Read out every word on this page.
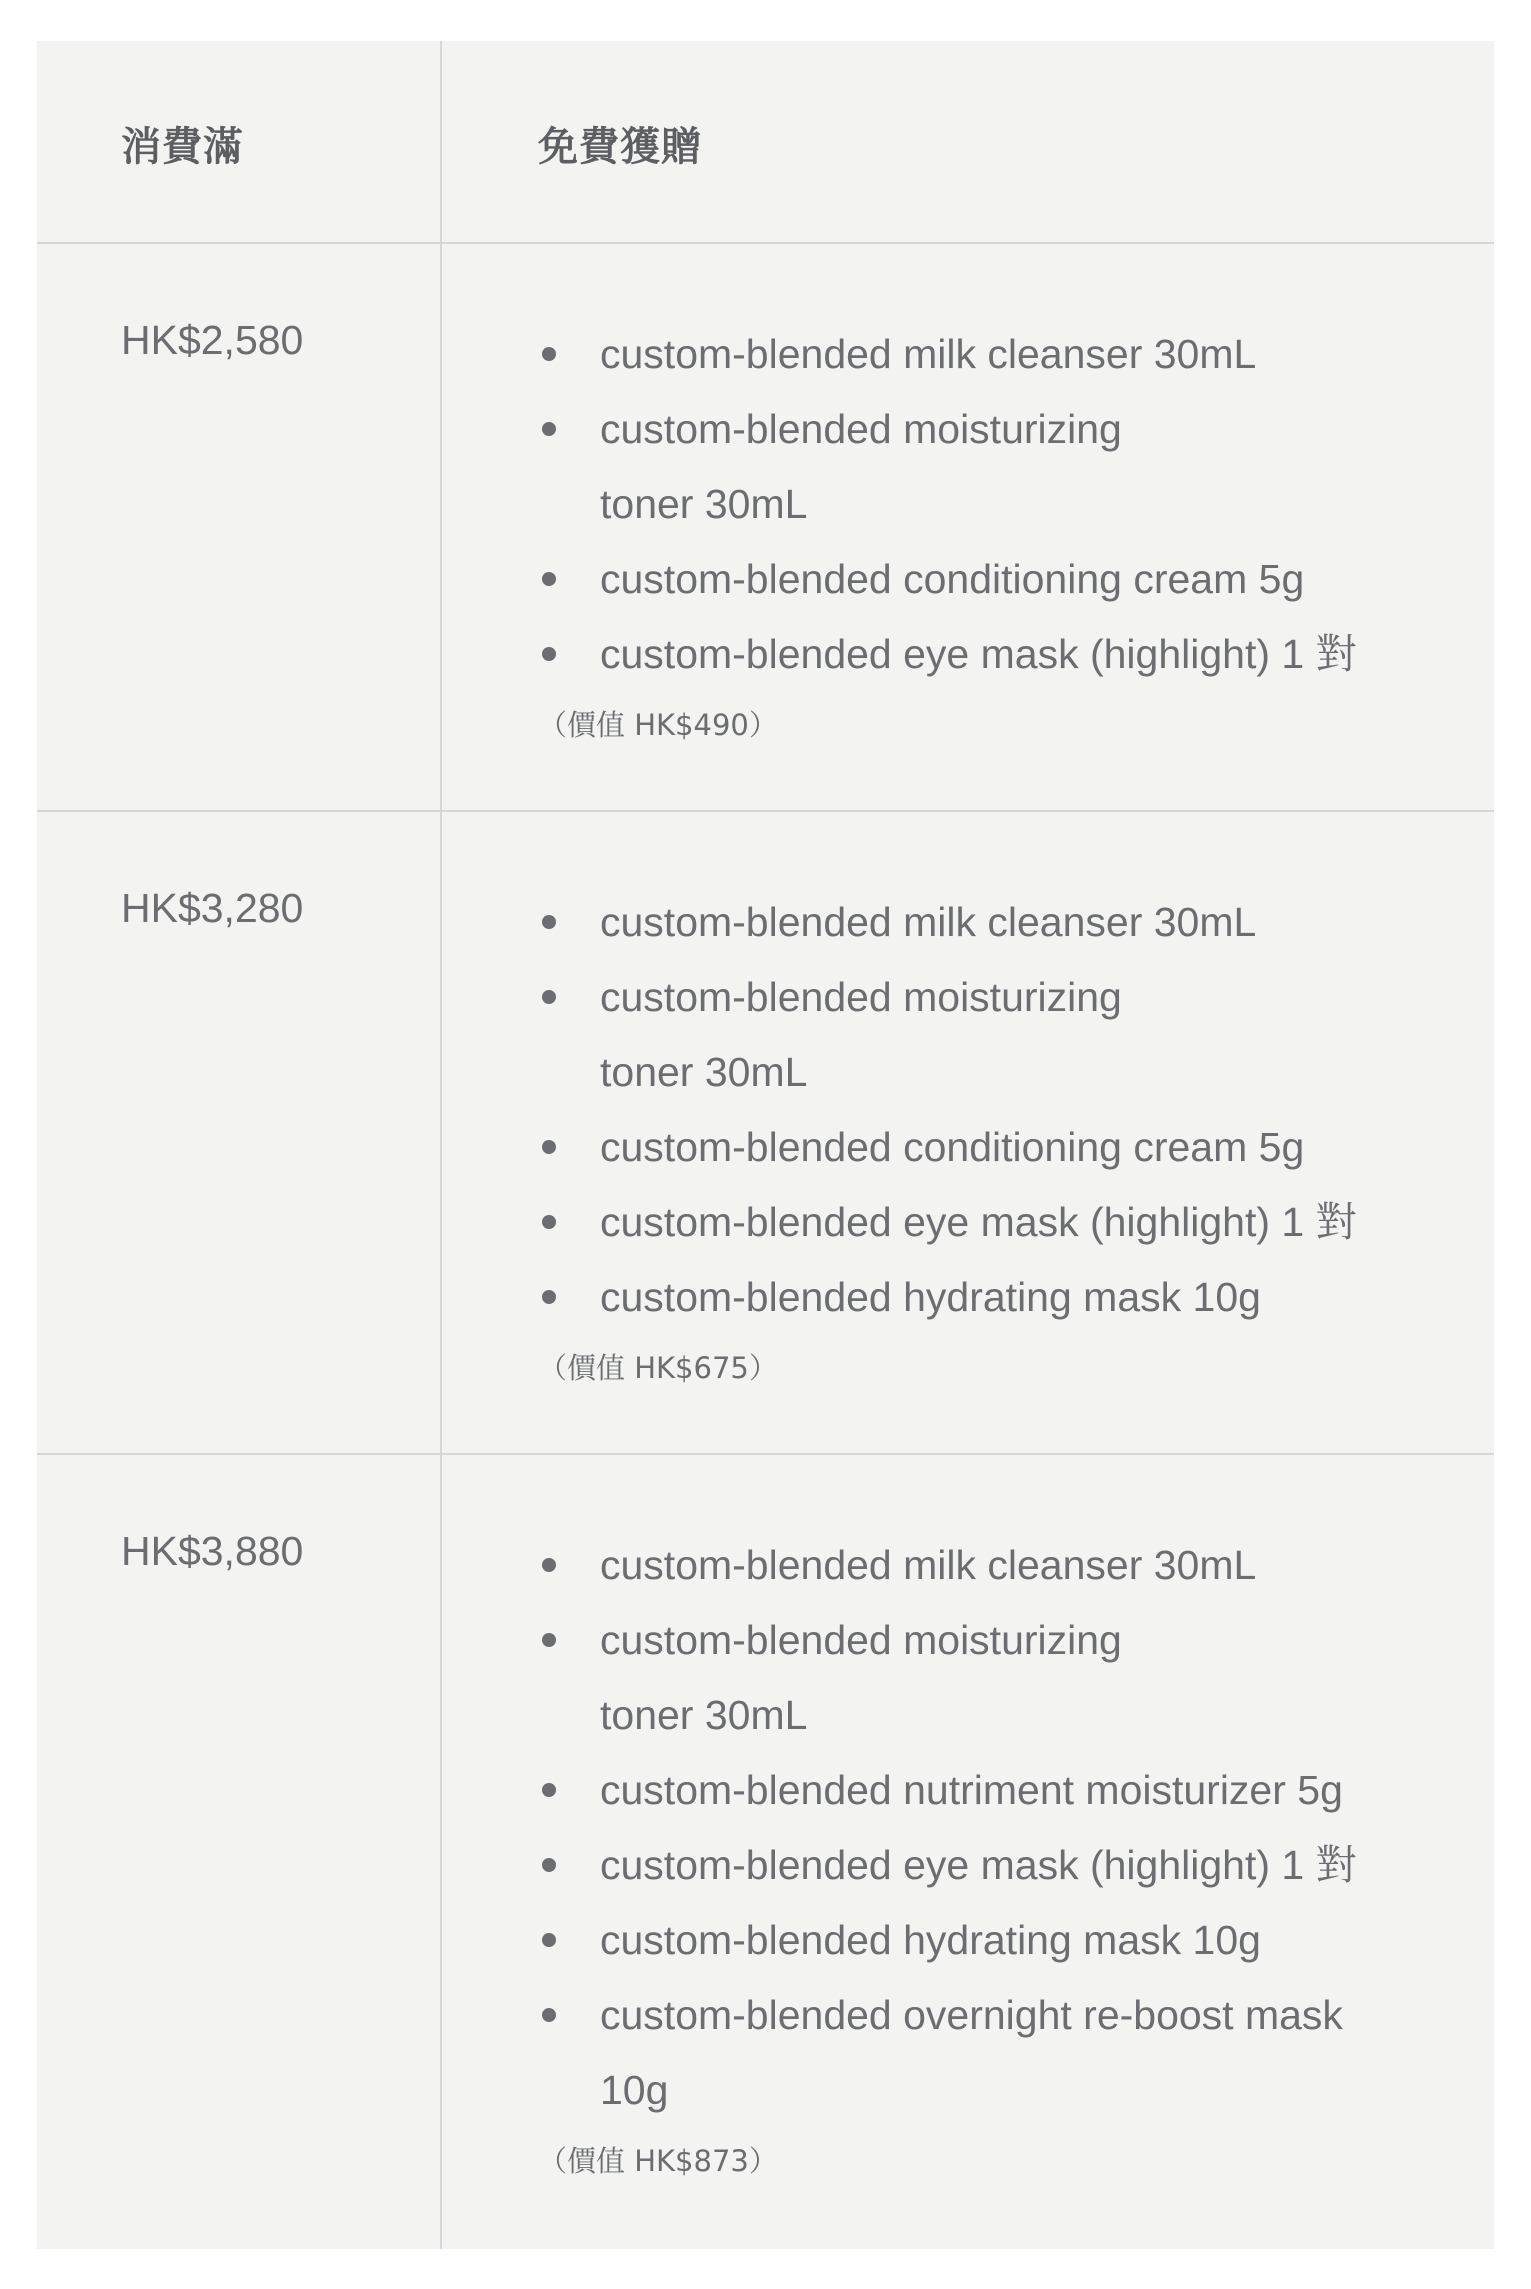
消費滿	免費獲贈
HK$2,580	custom-blended milk cleanser 30mL
custom-blended moisturizing toner 30mL
custom-blended conditioning cream 5g
custom-blended eye mask (highlight) 1 對
（價值 HK$490）
HK$3,280	custom-blended milk cleanser 30mL
custom-blended moisturizing toner 30mL
custom-blended conditioning cream 5g
custom-blended eye mask (highlight) 1 對
custom-blended hydrating mask 10g
（價值 HK$675）
HK$3,880	custom-blended milk cleanser 30mL
custom-blended moisturizing toner 30mL
custom-blended nutriment moisturizer 5g
custom-blended eye mask (highlight) 1 對
custom-blended hydrating mask 10g
custom-blended overnight re-boost mask 10g
（價值 HK$873）
